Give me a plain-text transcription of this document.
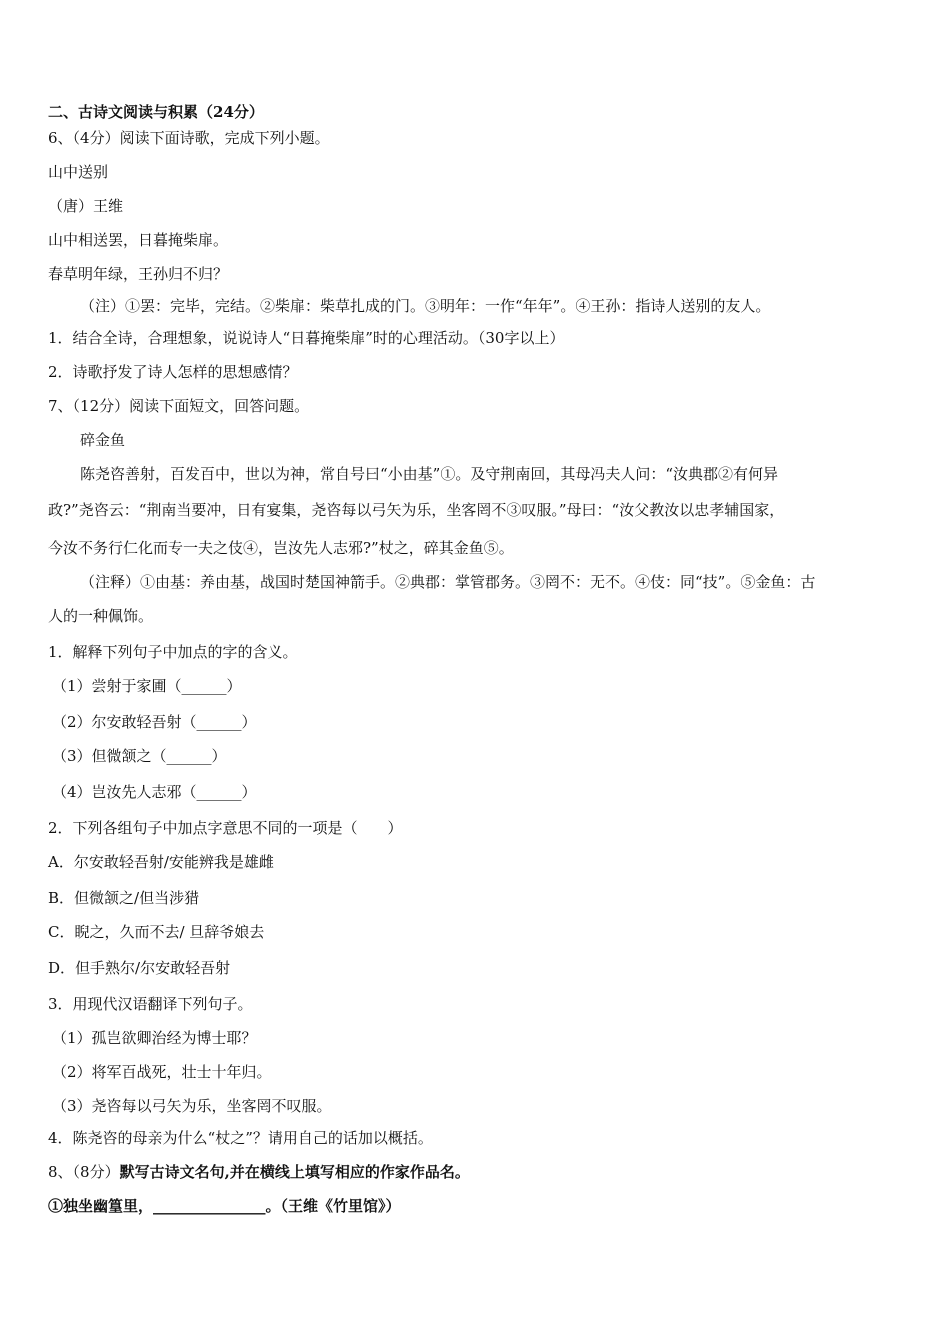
二、古诗文阅读与积累（24分）
6、（4分）阅读下面诗歌，完成下列小题。
山中送别
（唐）王维
山中相送罢，日暮掩柴扉。
春草明年绿，王孙归不归？
（注）①罢：完毕，完结。②柴扉：柴草扎成的门。③明年：一作“年年”。④王孙：指诗人送别的友人。
1．结合全诗，合理想象，说说诗人“日暮掩柴扉”时的心理活动。（30字以上）
2．诗歌抒发了诗人怎样的思想感情？
7、（12分）阅读下面短文，回答问题。
碎金鱼
陈尧咨善射，百发百中，世以为神，常自号曰“小由基”①。及守荆南回，其母冯夫人问：“汝典郡②有何异
政?”尧咨云：“荆南当要冲，日有宴集，尧咨每以弓矢为乐，坐客罔不③叹服。”母曰：“汝父教汝以忠孝辅国家，
今汝不务行仁化而专一夫之伎④，岂汝先人志邪?”杖之，碎其金鱼⑤。
（注释）①由基：养由基，战国时楚国神箭手。②典郡：掌管郡务。③罔不：无不。④伎：同“技”。⑤金鱼：古
人的一种佩饰。
1．解释下列句子中加点的字的含义。
（1）尝射于家圃（______）
（2）尔安敢轻吾射（______）
（3）但微颔之（______）
（4）岂汝先人志邪（______）
2．下列各组句子中加点字意思不同的一项是（　　）
A．尔安敢轻吾射/安能辨我是雄雌
B．但微颔之/但当涉猎
C．睨之，久而不去/ 旦辞爷娘去
D．但手熟尔/尔安敢轻吾射
3．用现代汉语翻译下列句子。
（1）孤岂欲卿治经为博士耶？
（2）将军百战死，壮士十年归。
（3）尧咨每以弓矢为乐，坐客罔不叹服。
4．陈尧咨的母亲为什么“杖之”？请用自己的话加以概括。
8、（8分）默写古诗文名句,并在横线上填写相应的作家作品名。
①独坐幽篁里，_______________。（王维《竹里馆》）
